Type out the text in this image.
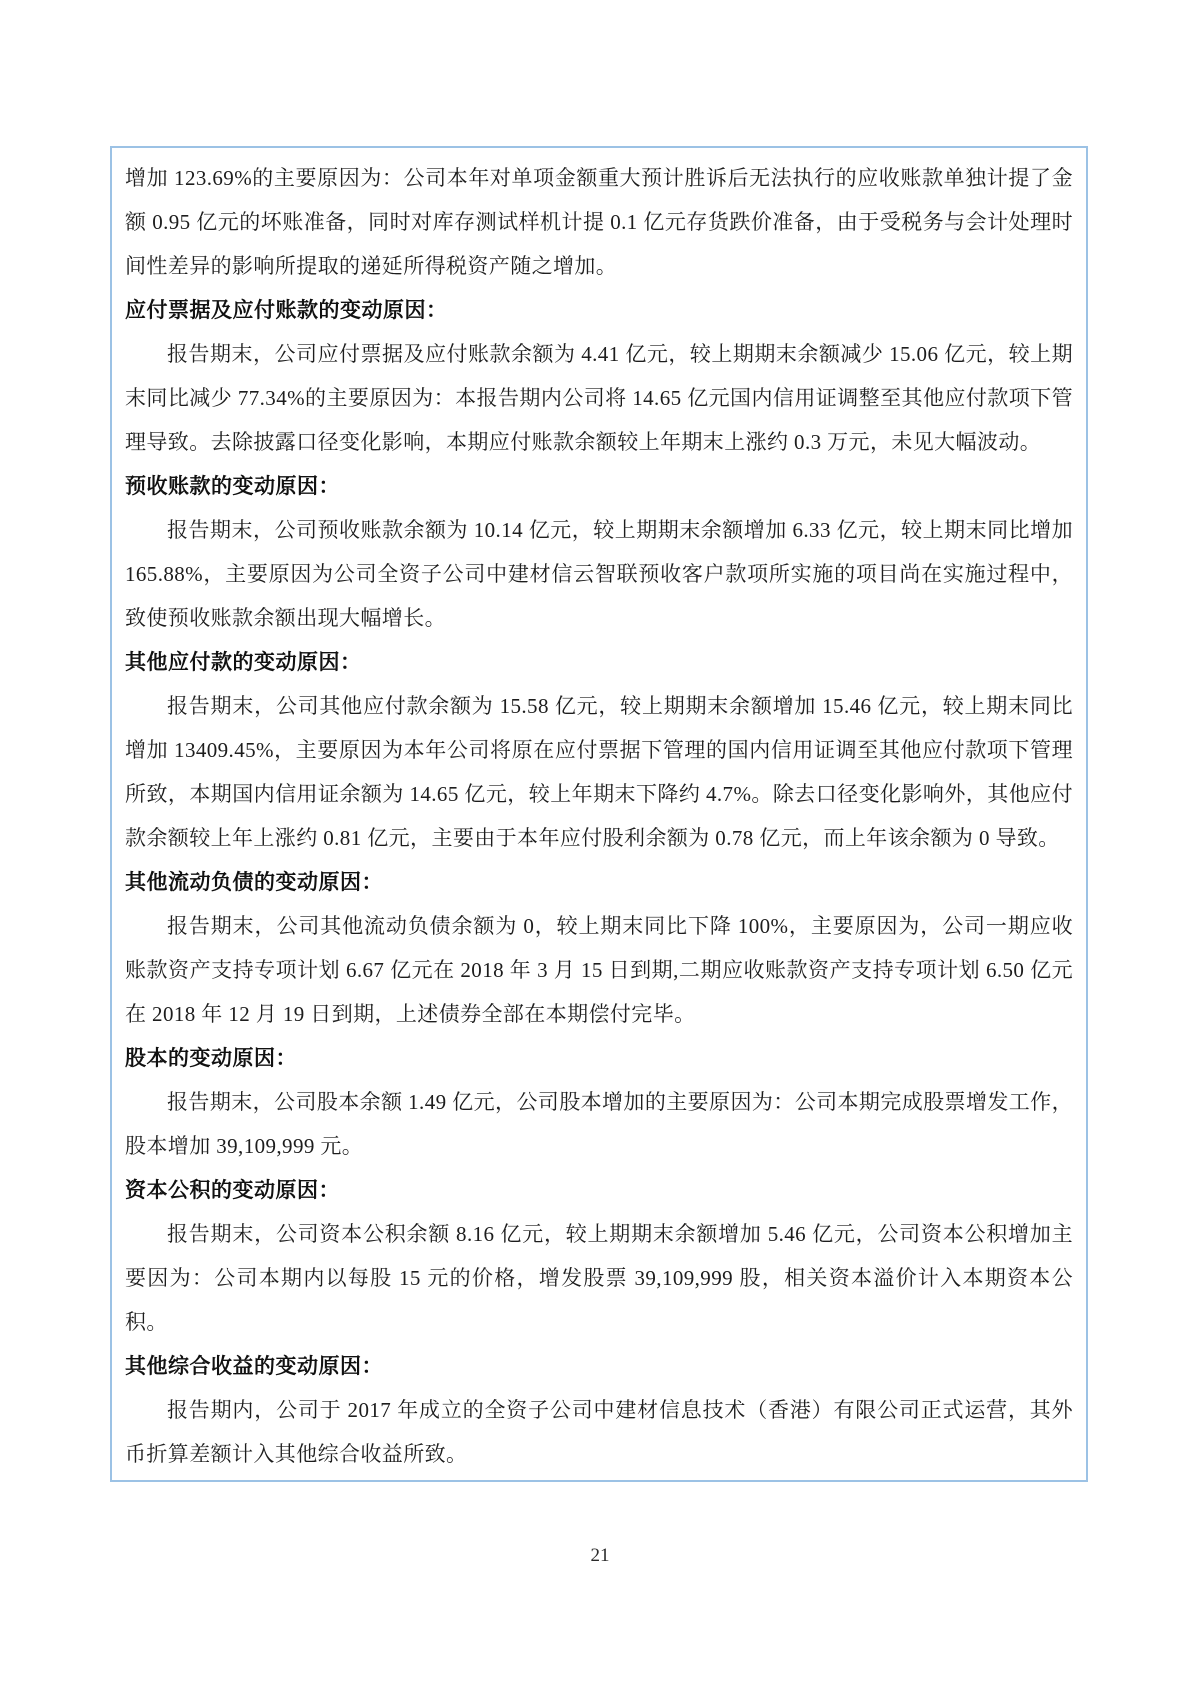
增加 123.69%的主要原因为：公司本年对单项金额重大预计胜诉后无法执行的应收账款单独计提了金额 0.95 亿元的坏账准备，同时对库存测试样机计提 0.1 亿元存货跌价准备，由于受税务与会计处理时间性差异的影响所提取的递延所得税资产随之增加。

应付票据及应付账款的变动原因：

报告期末，公司应付票据及应付账款余额为 4.41 亿元，较上期期末余额减少 15.06 亿元，较上期末同比减少 77.34%的主要原因为：本报告期内公司将 14.65 亿元国内信用证调整至其他应付款项下管理导致。去除披露口径变化影响，本期应付账款余额较上年期末上涨约 0.3 万元，未见大幅波动。

预收账款的变动原因：

报告期末，公司预收账款余额为 10.14 亿元，较上期期末余额增加 6.33 亿元，较上期末同比增加 165.88%，主要原因为公司全资子公司中建材信云智联预收客户款项所实施的项目尚在实施过程中，致使预收账款余额出现大幅增长。

其他应付款的变动原因：

报告期末，公司其他应付款余额为 15.58 亿元，较上期期末余额增加 15.46 亿元，较上期末同比增加 13409.45%，主要原因为本年公司将原在应付票据下管理的国内信用证调至其他应付款项下管理所致，本期国内信用证余额为 14.65 亿元，较上年期末下降约 4.7%。除去口径变化影响外，其他应付款余额较上年上涨约 0.81 亿元，主要由于本年应付股利余额为 0.78 亿元，而上年该余额为 0 导致。

其他流动负债的变动原因：

报告期末，公司其他流动负债余额为 0，较上期末同比下降 100%，主要原因为，公司一期应收账款资产支持专项计划 6.67 亿元在 2018 年 3 月 15 日到期,二期应收账款资产支持专项计划 6.50 亿元在 2018 年 12 月 19 日到期，上述债券全部在本期偿付完毕。

股本的变动原因：

报告期末，公司股本余额 1.49 亿元，公司股本增加的主要原因为：公司本期完成股票增发工作，股本增加 39,109,999 元。

资本公积的变动原因：

报告期末，公司资本公积余额 8.16 亿元，较上期期末余额增加 5.46 亿元，公司资本公积增加主要因为：公司本期内以每股 15 元的价格，增发股票 39,109,999 股，相关资本溢价计入本期资本公积。

其他综合收益的变动原因：

报告期内，公司于 2017 年成立的全资子公司中建材信息技术（香港）有限公司正式运营，其外币折算差额计入其他综合收益所致。

21
